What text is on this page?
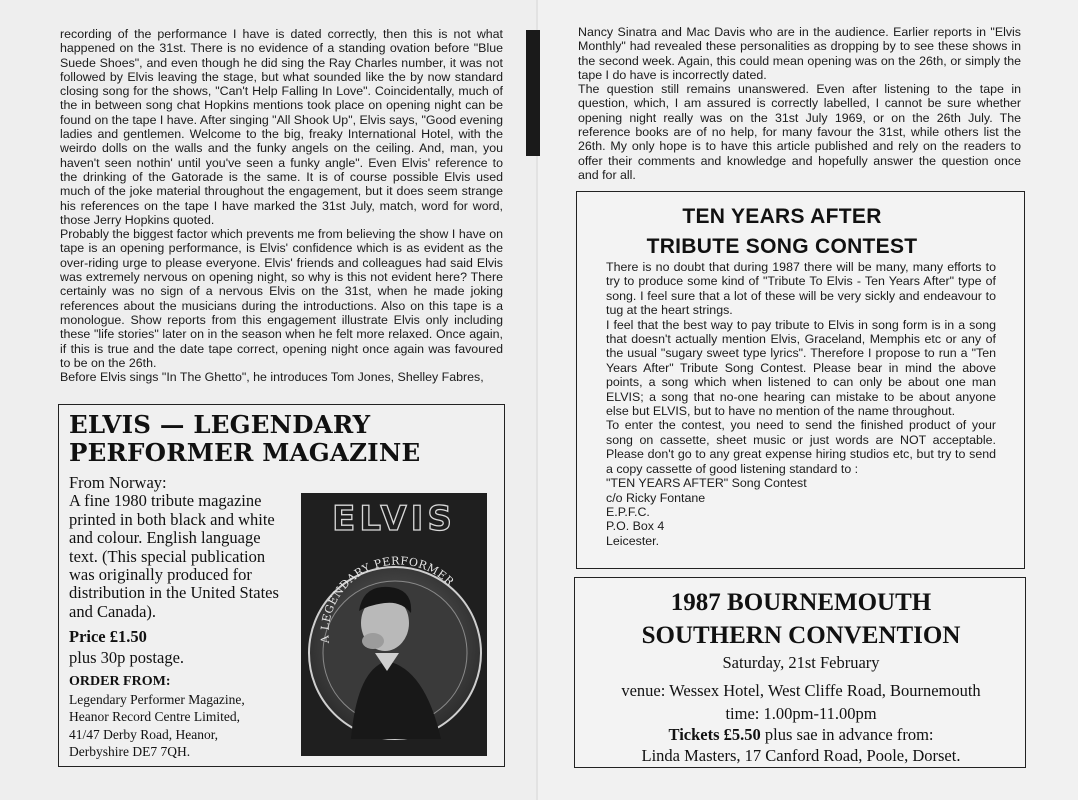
recording of the performance I have is dated correctly, then this is not what happened on the 31st. There is no evidence of a standing ovation before "Blue Suede Shoes", and even though he did sing the Ray Charles number, it was not followed by Elvis leaving the stage, but what sounded like the by now standard closing song for the shows, "Can't Help Falling In Love". Coincidentally, much of the in between song chat Hopkins mentions took place on opening night can be found on the tape I have. After singing "All Shook Up", Elvis says, "Good evening ladies and gentlemen. Welcome to the big, freaky International Hotel, with the weirdo dolls on the walls and the funky angels on the ceiling. And, man, you haven't seen nothin' until you've seen a funky angle". Even Elvis' reference to the drinking of the Gatorade is the same. It is of course possible Elvis used much of the joke material throughout the engagement, but it does seem strange his references on the tape I have marked the 31st July, match, word for word, those Jerry Hopkins quoted.

Probably the biggest factor which prevents me from believing the show I have on tape is an opening performance, is Elvis' confidence which is as evident as the over-riding urge to please everyone. Elvis' friends and colleagues had said Elvis was extremely nervous on opening night, so why is this not evident here? There certainly was no sign of a nervous Elvis on the 31st, when he made joking references about the musicians during the introductions. Also on this tape is a monologue. Show reports from this engagement illustrate Elvis only including these "life stories" later on in the season when he felt more relaxed. Once again, if this is true and the date tape correct, opening night once again was favoured to be on the 26th.

Before Elvis sings "In The Ghetto", he introduces Tom Jones, Shelley Fabres,

ELVIS — LEGENDARY
PERFORMER MAGAZINE
From Norway:
A fine 1980 tribute magazine
printed in both black and white
and colour. English language
text. (This special publication
was originally produced for
distribution in the United States
and Canada).
Price £1.50
plus 30p postage.
ORDER FROM:
Legendary Performer Magazine,
Heanor Record Centre Limited,
41/47 Derby Road, Heanor,
Derbyshire DE7 7QH.
A LEGENDARY PERFORMER
ELVIS

Nancy Sinatra and Mac Davis who are in the audience. Earlier reports in "Elvis Monthly" had revealed these personalities as dropping by to see these shows in the second week. Again, this could mean opening was on the 26th, or simply the tape I do have is incorrectly dated.

The question still remains unanswered. Even after listening to the tape in question, which, I am assured is correctly labelled, I cannot be sure whether opening night really was on the 31st July 1969, or on the 26th July. The reference books are of no help, for many favour the 31st, while others list the 26th. My only hope is to have this article published and rely on the readers to offer their comments and knowledge and hopefully answer the question once and for all.

TEN YEARS AFTER
TRIBUTE SONG CONTEST

There is no doubt that during 1987 there will be many, many efforts to try to produce some kind of "Tribute To Elvis - Ten Years After" type of song. I feel sure that a lot of these will be very sickly and endeavour to tug at the heart strings.

I feel that the best way to pay tribute to Elvis in song form is in a song that doesn't actually mention Elvis, Graceland, Memphis etc or any of the usual "sugary sweet type lyrics". Therefore I propose to run a "Ten Years After" Tribute Song Contest. Please bear in mind the above points, a song which when listened to can only be about one man ELVIS; a song that no-one hearing can mistake to be about anyone else but ELVIS, but to have no mention of the name throughout.

To enter the contest, you need to send the finished product of your song on cassette, sheet music or just words are NOT acceptable. Please don't go to any great expense hiring studios etc, but try to send a copy cassette of good listening standard to :

"TEN YEARS AFTER" Song Contest
c/o Ricky Fontane
E.P.F.C.
P.O. Box 4
Leicester.
1987 BOURNEMOUTH
SOUTHERN CONVENTION
Saturday, 21st February
venue: Wessex Hotel, West Cliffe Road, Bournemouth
time: 1.00pm-11.00pm
Tickets £5.50 plus sae in advance from:
Linda Masters, 17 Canford Road, Poole, Dorset.
